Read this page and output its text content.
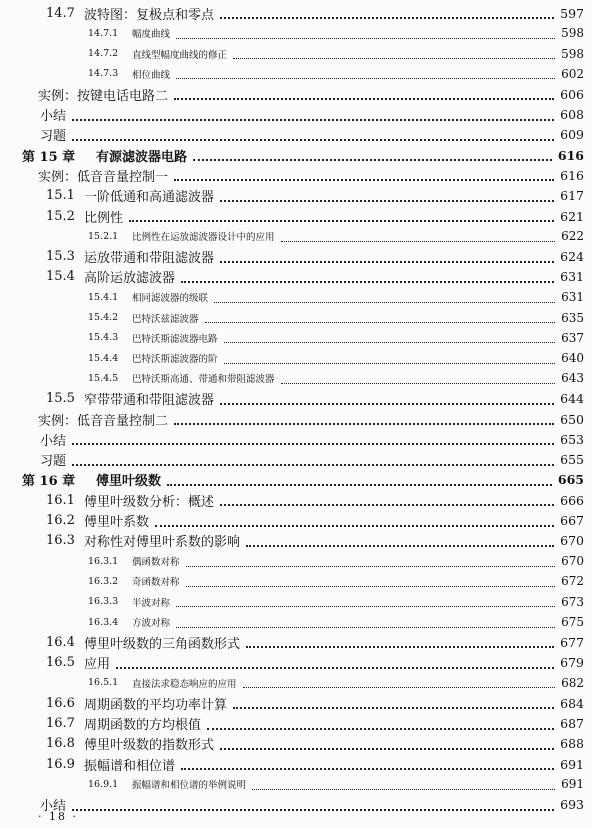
14.7 波特图：复极点和零点	597
14.7.1	幅度曲线	598
14.7.2	直线型幅度曲线的修正	598
14.7.3	相位曲线	602
实例：按键电话电路二	606
小结	608
习题	609
第 15 章	有源滤波器电路	616
实例：低音音量控制一	616
15.1 一阶低通和高通滤波器	617
15.2 比例性	621
15.2.1	比例性在运放滤波器设计中的应用	622
15.3 运放带通和带阻滤波器	624
15.4 高阶运放滤波器	631
15.4.1	相同滤波器的级联	631
15.4.2	巴特沃兹滤波器	635
15.4.3	巴特沃斯滤波器电路	637
15.4.4	巴特沃斯滤波器的阶	640
15.4.5	巴特沃斯高通、带通和带阻滤波器	643
15.5 窄带带通和带阻滤波器	644
实例：低音音量控制二	650
小结	653
习题	655
第 16 章	傅里叶级数	665
16.1 傅里叶级数分析：概述	666
16.2 傅里叶系数	667
16.3 对称性对傅里叶系数的影响	670
16.3.1	偶函数对称	670
16.3.2	奇函数对称	672
16.3.3	半波对称	673
16.3.4	方波对称	675
16.4 傅里叶级数的三角函数形式	677
16.5 应用	679
16.5.1	直接法求稳态响应的应用	682
16.6 周期函数的平均功率计算	684
16.7 周期函数的方均根值	687
16.8 傅里叶级数的指数形式	688
16.9 振幅谱和相位谱	691
16.9.1	振幅谱和相位谱的举例说明	691
小结	693
· 18 ·
